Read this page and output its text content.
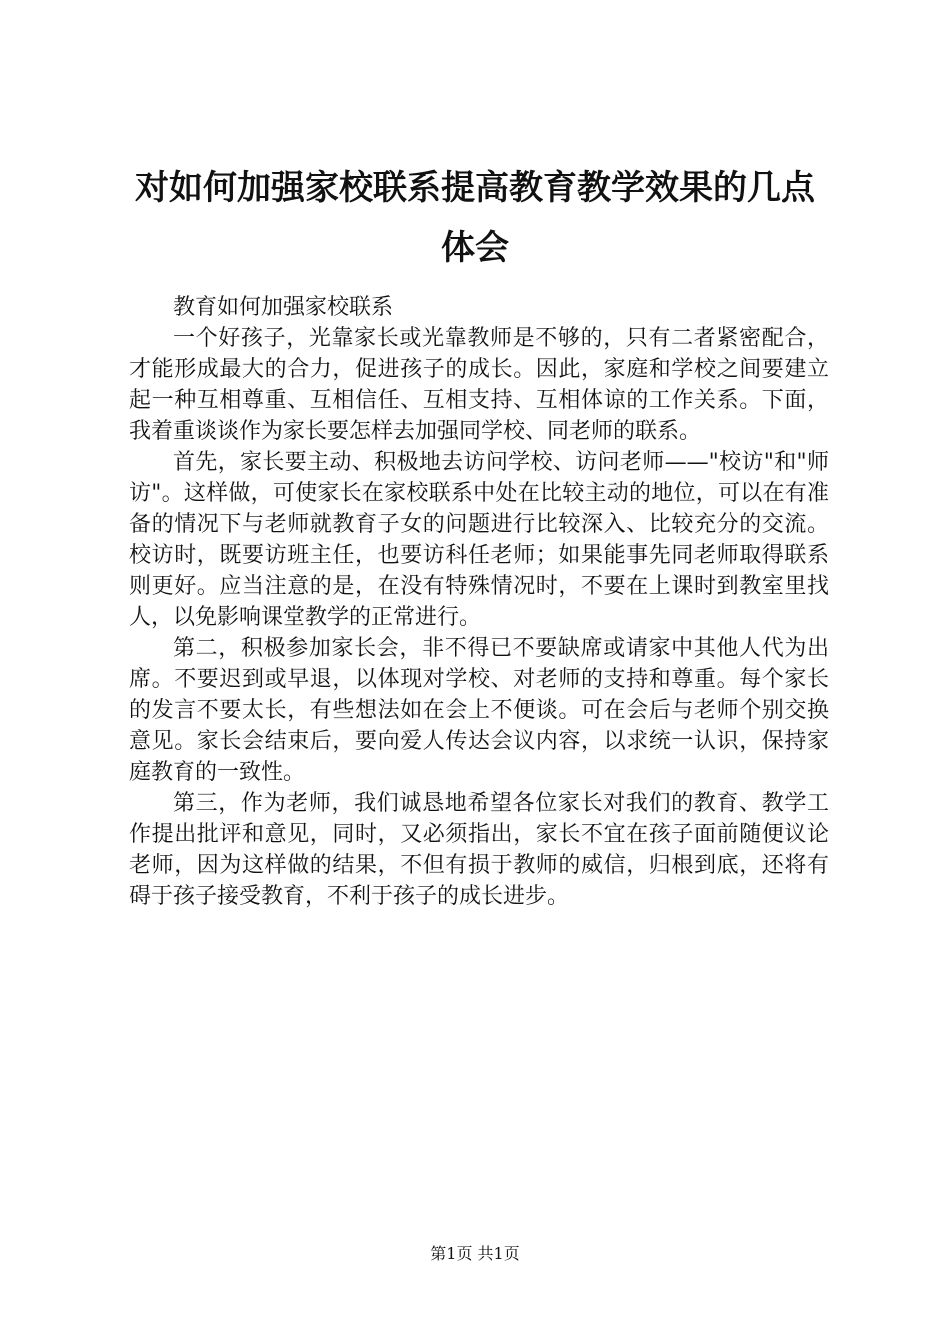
对如何加强家校联系提高教育教学效果的几点体会

教育如何加强家校联系

一个好孩子，光靠家长或光靠教师是不够的，只有二者紧密配合，才能形成最大的合力，促进孩子的成长。因此，家庭和学校之间要建立起一种互相尊重、互相信任、互相支持、互相体谅的工作关系。下面，我着重谈谈作为家长要怎样去加强同学校、同老师的联系。

首先，家长要主动、积极地去访问学校、访问老师——"校访"和"师访"。这样做，可使家长在家校联系中处在比较主动的地位，可以在有准备的情况下与老师就教育子女的问题进行比较深入、比较充分的交流。校访时，既要访班主任，也要访科任老师；如果能事先同老师取得联系则更好。应当注意的是，在没有特殊情况时，不要在上课时到教室里找人，以免影响课堂教学的正常进行。

第二，积极参加家长会，非不得已不要缺席或请家中其他人代为出席。不要迟到或早退，以体现对学校、对老师的支持和尊重。每个家长的发言不要太长，有些想法如在会上不便谈。可在会后与老师个别交换意见。家长会结束后，要向爱人传达会议内容，以求统一认识，保持家庭教育的一致性。

第三，作为老师，我们诚恳地希望各位家长对我们的教育、教学工作提出批评和意见，同时，又必须指出，家长不宜在孩子面前随便议论老师，因为这样做的结果，不但有损于教师的威信，归根到底，还将有碍于孩子接受教育，不利于孩子的成长进步。

第1页 共1页
